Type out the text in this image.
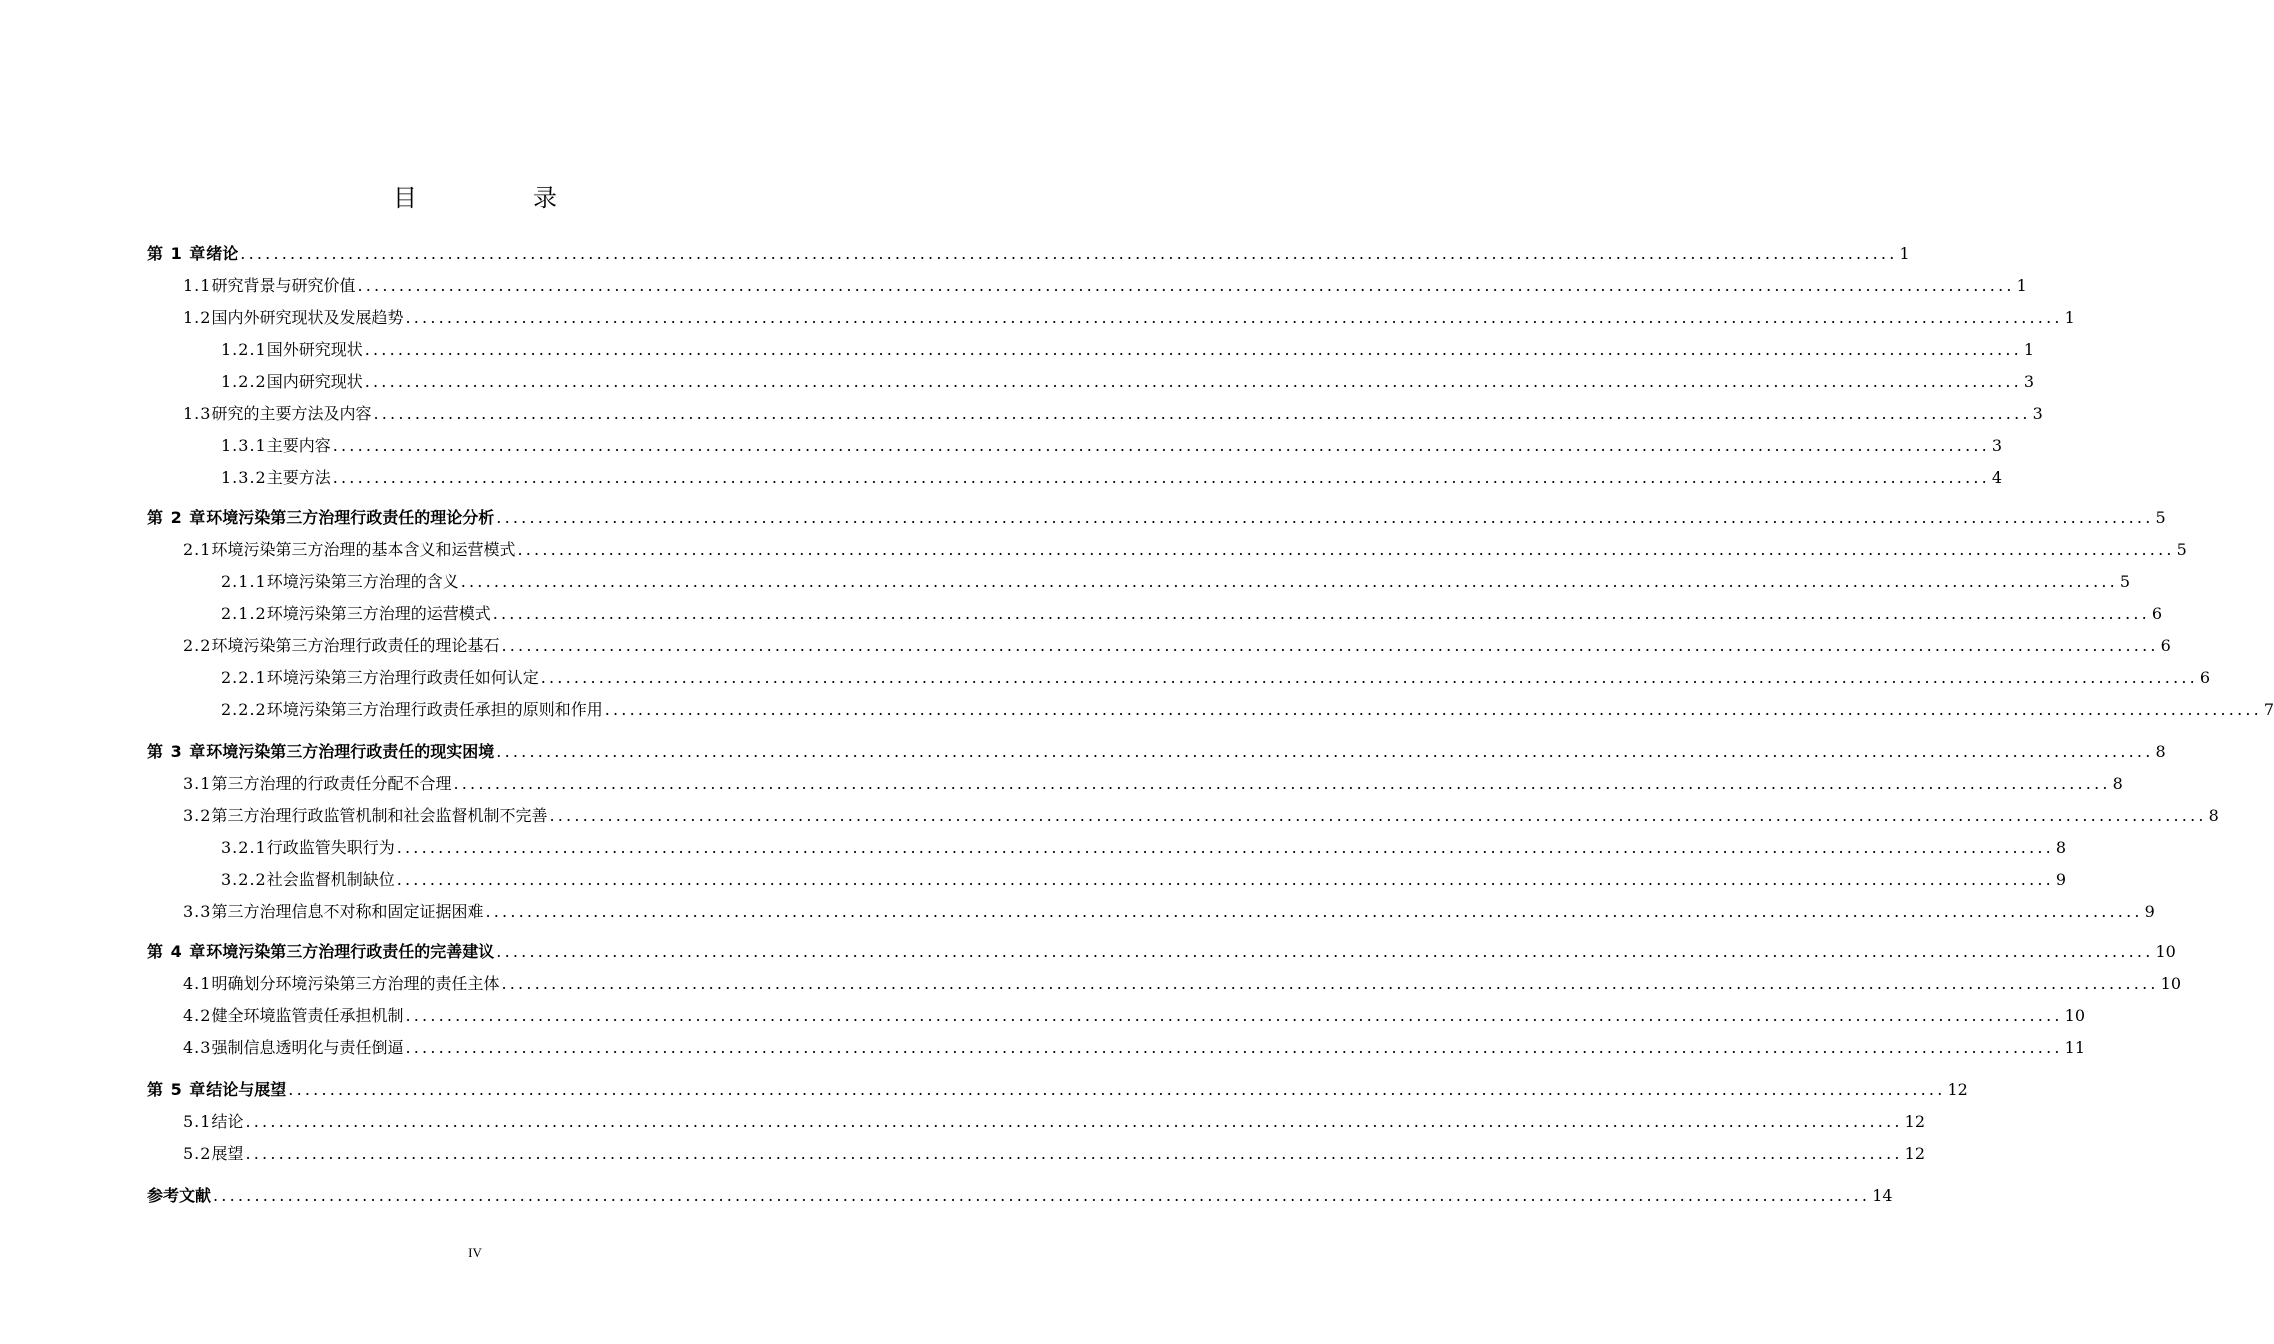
目　录
第 1 章 绪论 ........................................................................................................................................................................................................ 1
1.1 研究背景与研究价值 ........................................................................................................................................................................................................ 1
1.2 国内外研究现状及发展趋势 ........................................................................................................................................................................................................ 1
1.2.1 国外研究现状 ........................................................................................................................................................................................................ 1
1.2.2 国内研究现状 ........................................................................................................................................................................................................ 3
1.3 研究的主要方法及内容 ........................................................................................................................................................................................................ 3
1.3.1 主要内容 ........................................................................................................................................................................................................ 3
1.3.2 主要方法 ........................................................................................................................................................................................................ 4
第 2 章 环境污染第三方治理行政责任的理论分析 ........................................................................................................................................................................................................ 5
2.1 环境污染第三方治理的基本含义和运营模式 ........................................................................................................................................................................................................ 5
2.1.1 环境污染第三方治理的含义 ........................................................................................................................................................................................................ 5
2.1.2 环境污染第三方治理的运营模式 ........................................................................................................................................................................................................ 6
2.2 环境污染第三方治理行政责任的理论基石 ........................................................................................................................................................................................................ 6
2.2.1 环境污染第三方治理行政责任如何认定 ........................................................................................................................................................................................................ 6
2.2.2 环境污染第三方治理行政责任承担的原则和作用 ........................................................................................................................................................................................................ 7
第 3 章 环境污染第三方治理行政责任的现实困境 ........................................................................................................................................................................................................ 8
3.1 第三方治理的行政责任分配不合理 ........................................................................................................................................................................................................ 8
3.2 第三方治理行政监管机制和社会监督机制不完善 ........................................................................................................................................................................................................ 8
3.2.1 行政监管失职行为 ........................................................................................................................................................................................................ 8
3.2.2 社会监督机制缺位 ........................................................................................................................................................................................................ 9
3.3 第三方治理信息不对称和固定证据困难 ........................................................................................................................................................................................................ 9
第 4 章 环境污染第三方治理行政责任的完善建议 ........................................................................................................................................................................................................ 10
4.1 明确划分环境污染第三方治理的责任主体 ........................................................................................................................................................................................................ 10
4.2 健全环境监管责任承担机制 ........................................................................................................................................................................................................ 10
4.3 强制信息透明化与责任倒逼 ........................................................................................................................................................................................................ 11
第 5 章 结论与展望 ........................................................................................................................................................................................................ 12
5.1 结论 ........................................................................................................................................................................................................ 12
5.2 展望 ........................................................................................................................................................................................................ 12
参考文献 ........................................................................................................................................................................................................ 14
IV
